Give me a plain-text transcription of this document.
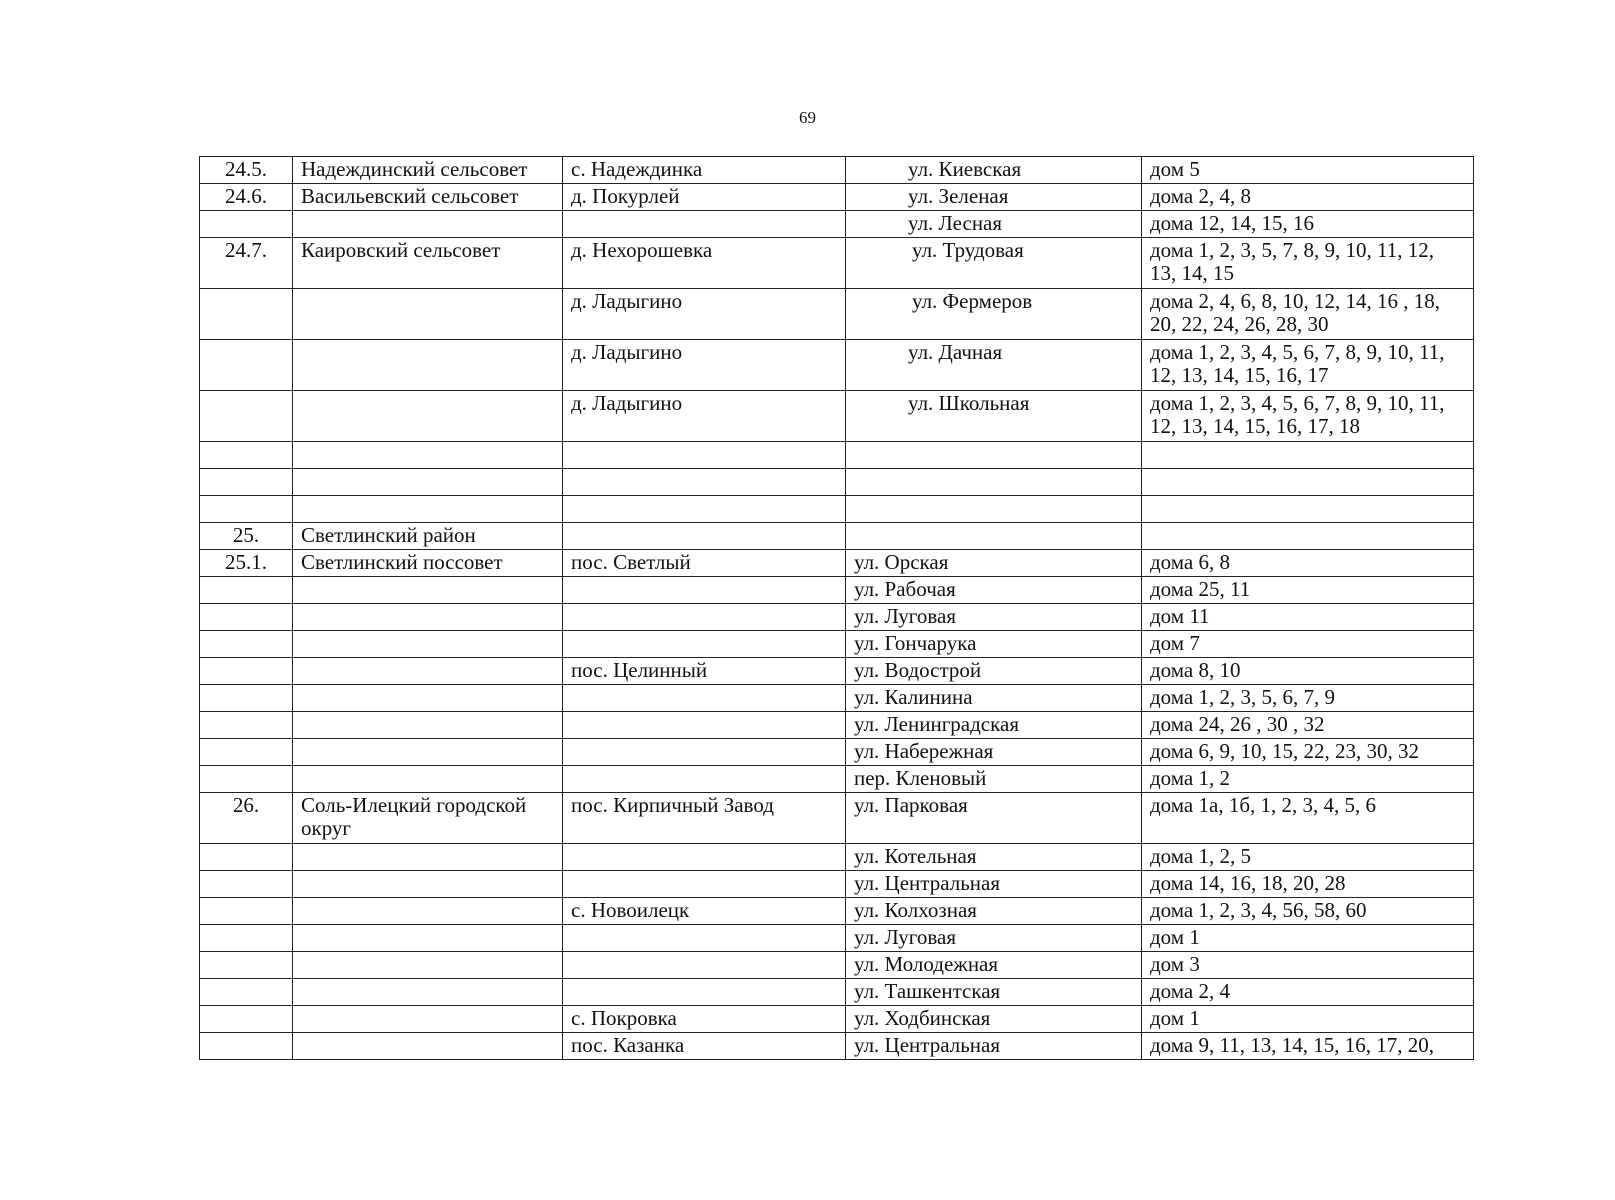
69
24.5.	Надеждинский сельсовет	с. Надеждинка	ул. Киевская	дом 5
24.6.	Васильевский сельсовет	д. Покурлей	ул. Зеленая	дома 2, 4, 8
			ул. Лесная	дома 12, 14, 15, 16
24.7.	Каировский сельсовет	д. Нехорошевка	ул. Трудовая	дома 1, 2, 3, 5, 7, 8, 9, 10, 11, 12, 13, 14, 15
		д. Ладыгино	ул. Фермеров	дома 2, 4, 6, 8, 10, 12, 14, 16 , 18, 20, 22, 24, 26, 28, 30
		д. Ладыгино	ул. Дачная	дома 1, 2, 3, 4, 5, 6, 7, 8, 9, 10, 11, 12, 13, 14, 15, 16, 17
		д. Ладыгино	ул. Школьная	дома 1, 2, 3, 4, 5, 6, 7, 8, 9, 10, 11, 12, 13, 14, 15, 16, 17, 18

25.	Светлинский район			
25.1.	Светлинский поссовет	пос. Светлый	ул. Орская	дома 6, 8
			ул. Рабочая	дома 25, 11
			ул. Луговая	дом 11
			ул. Гончарука	дом 7
		пос. Целинный	ул. Водострой	дома 8, 10
			ул. Калинина	дома 1, 2, 3, 5, 6, 7, 9
			ул. Ленинградская	дома 24, 26 , 30 , 32
			ул. Набережная	дома 6, 9, 10, 15, 22, 23, 30, 32
			пер. Кленовый	дома 1, 2
26.	Соль-Илецкий городской округ	пос. Кирпичный Завод	ул. Парковая	дома 1а, 1б, 1, 2, 3, 4, 5, 6
			ул. Котельная	дома 1, 2, 5
			ул. Центральная	дома 14, 16, 18, 20, 28
		с. Новоилецк	ул. Колхозная	дома 1, 2, 3, 4, 56, 58, 60
			ул. Луговая	дом 1
			ул. Молодежная	дом 3
			ул. Ташкентская	дома 2, 4
		с. Покровка	ул. Ходбинская	дом 1
		пос. Казанка	ул. Центральная	дома 9, 11, 13, 14, 15, 16, 17, 20,
